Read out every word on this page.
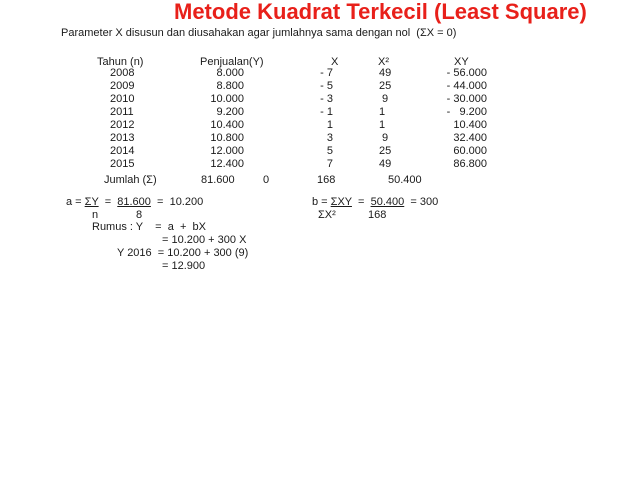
Metode Kuadrat Terkecil (Least Square)
Parameter X disusun dan diusahakan agar jumlahnya sama dengan nol  (ΣX = 0)
Tahun (n)	Penjualan(Y)	X	X²	XY
2008	8.000	- 7	49	- 56.000
2009	8.800	- 5	25	- 44.000
2010	10.000	- 3	9	- 30.000
2011	9.200	- 1	1	-   9.200
2012	10.400	1	1	10.400
2013	10.800	3	9	32.400
2014	12.000	5	25	60.000
2015	12.400	7	49	86.800
Jumlah (Σ)	81.600	0	168	50.400
a = ΣY  =  81.600  =  10.200
n	8
b = ΣXY  =  50.400  = 300
ΣX²	168
Rumus : Y    =  a  +  bX
= 10.200 + 300 X
Y 2016  = 10.200 + 300 (9)
= 12.900
